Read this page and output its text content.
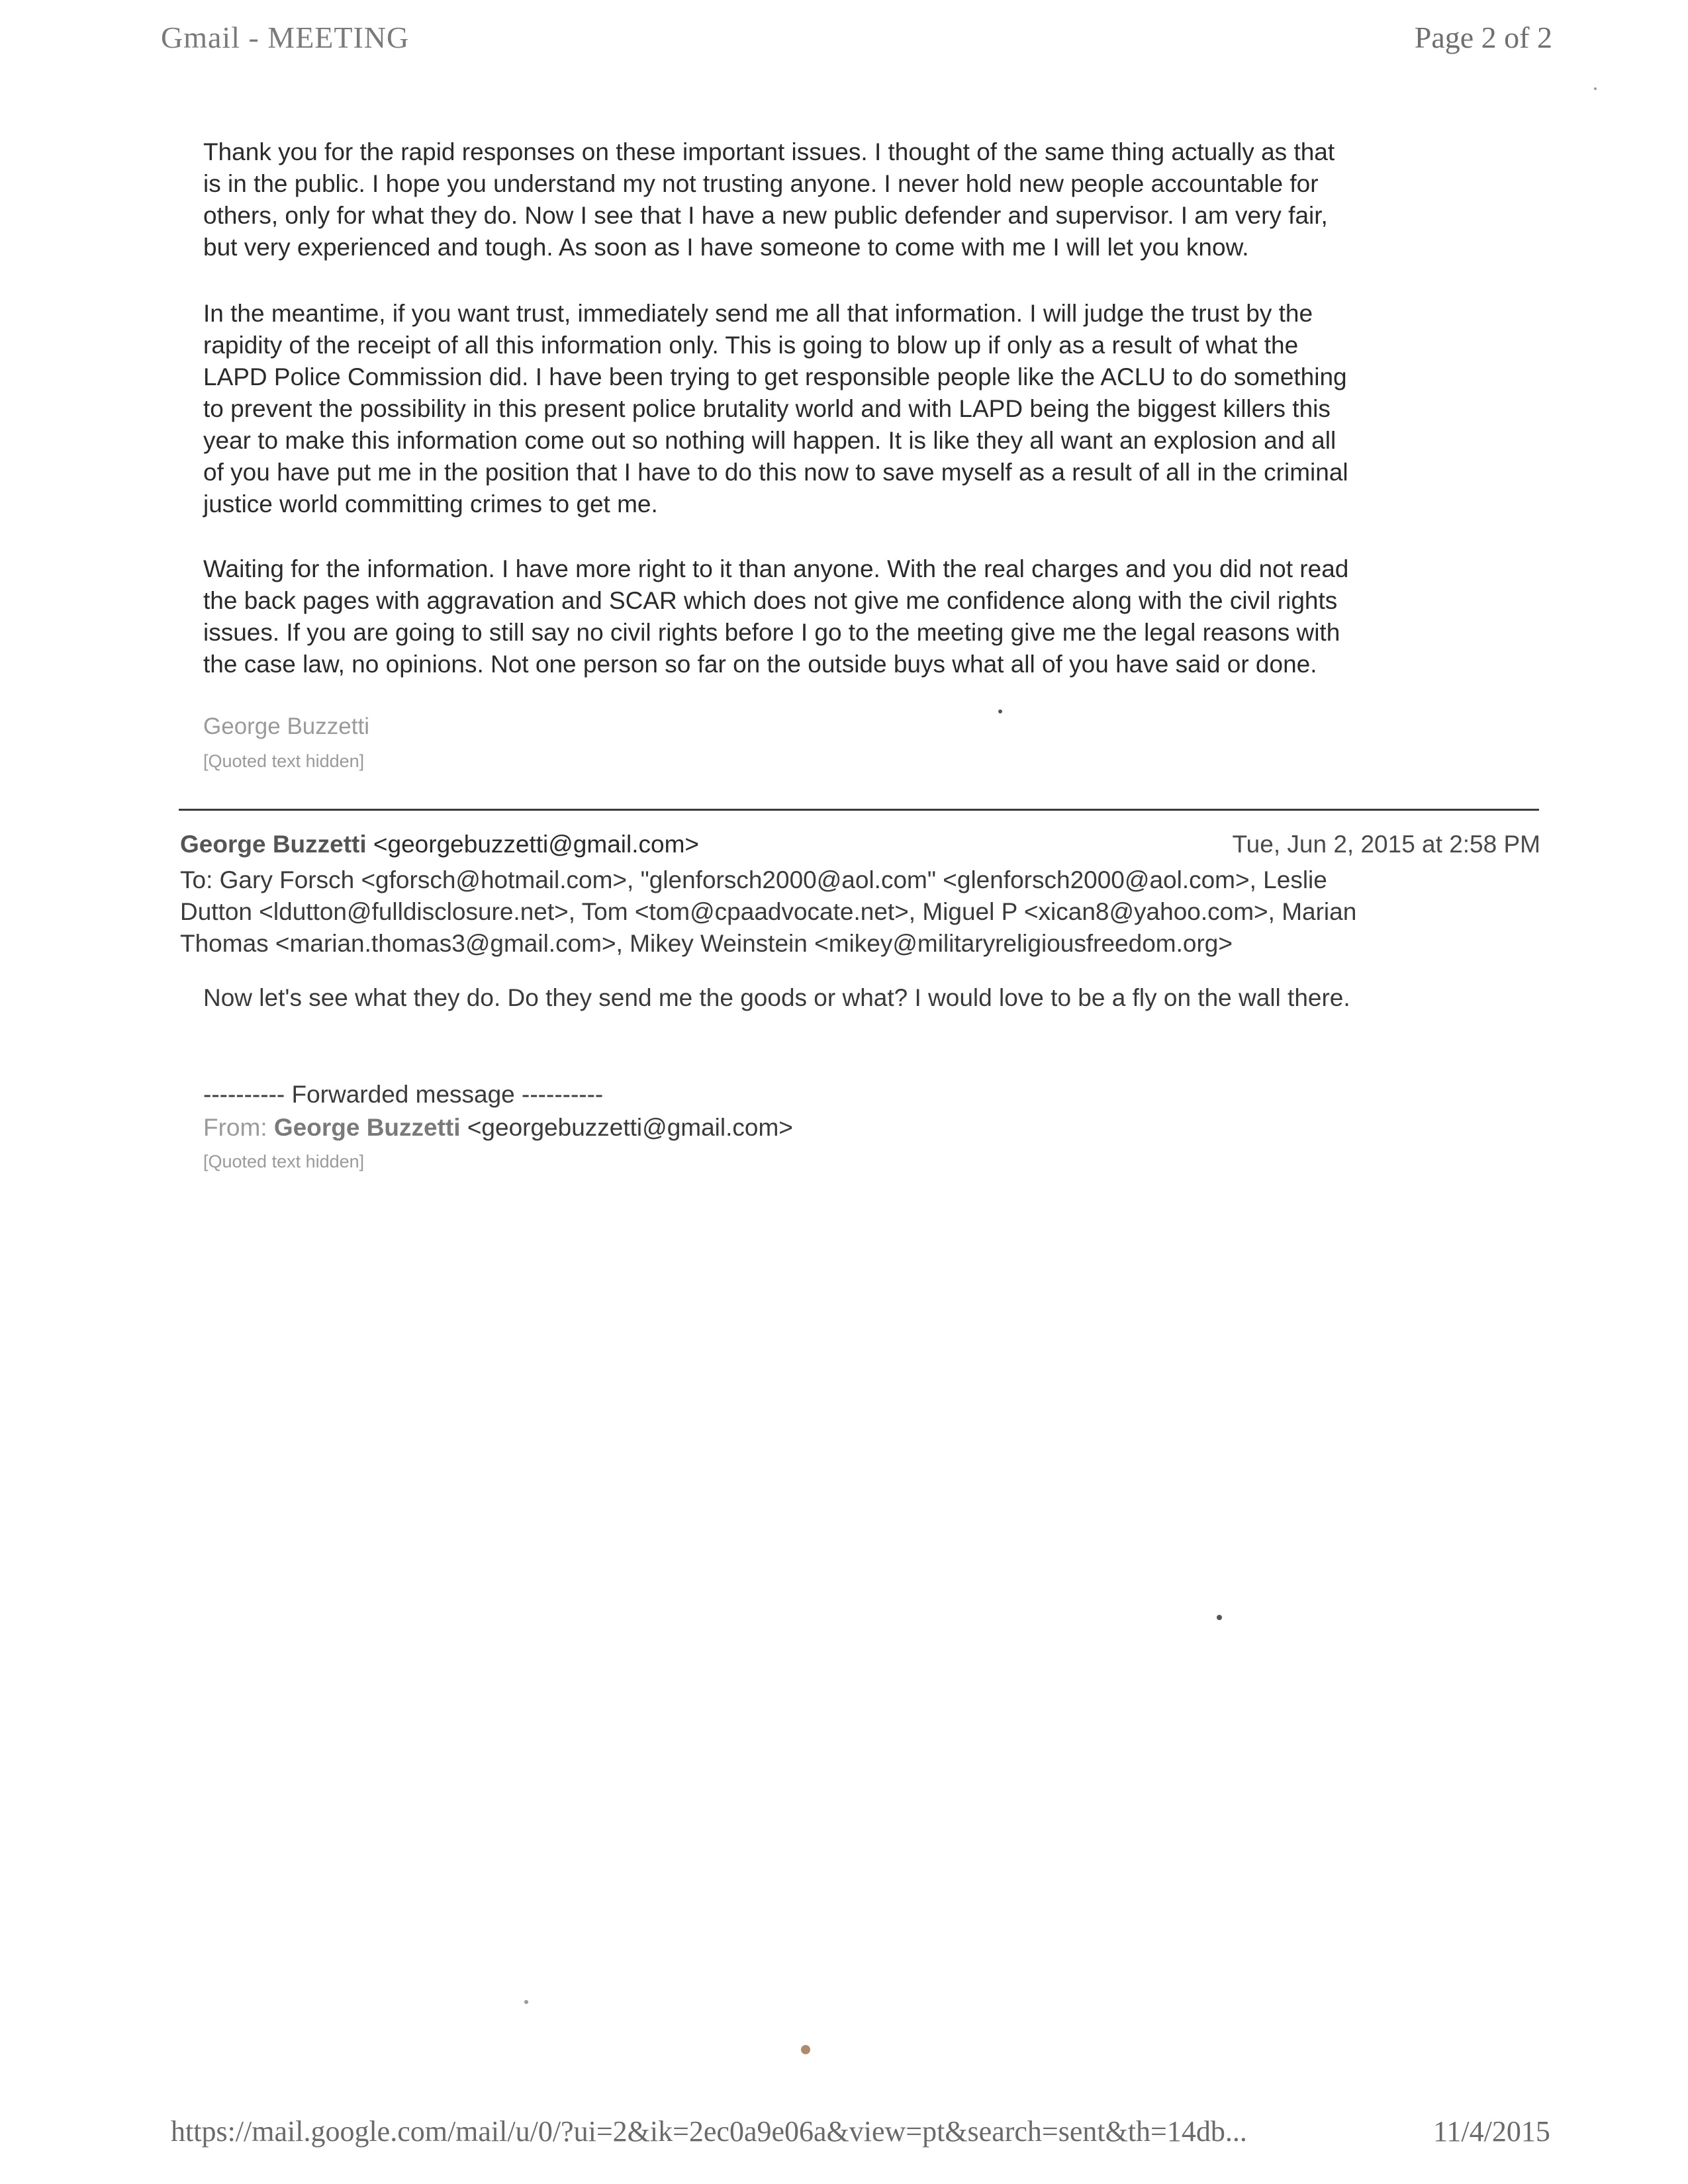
Gmail - MEETING	Page 2 of 2
Thank you for the rapid responses on these important issues. I thought of the same thing actually as that
is in the public. I hope you understand my not trusting anyone. I never hold new people accountable for
others, only for what they do. Now I see that I have a new public defender and supervisor. I am very fair,
but very experienced and tough. As soon as I have someone to come with me I will let you know.
In the meantime, if you want trust, immediately send me all that information. I will judge the trust by the
rapidity of the receipt of all this information only. This is going to blow up if only as a result of what the
LAPD Police Commission did. I have been trying to get responsible people like the ACLU to do something
to prevent the possibility in this present police brutality world and with LAPD being the biggest killers this
year to make this information come out so nothing will happen. It is like they all want an explosion and all
of you have put me in the position that I have to do this now to save myself as a result of all in the criminal
justice world committing crimes to get me.
Waiting for the information. I have more right to it than anyone. With the real charges and you did not read
the back pages with aggravation and SCAR which does not give me confidence along with the civil rights
issues. If you are going to still say no civil rights before I go to the meeting give me the legal reasons with
the case law, no opinions. Not one person so far on the outside buys what all of you have said or done.
George Buzzetti
[Quoted text hidden]
George Buzzetti <georgebuzzetti@gmail.com>	Tue, Jun 2, 2015 at 2:58 PM
To: Gary Forsch <gforsch@hotmail.com>, "glenforsch2000@aol.com" <glenforsch2000@aol.com>, Leslie
Dutton <ldutton@fulldisclosure.net>, Tom <tom@cpaadvocate.net>, Miguel P <xican8@yahoo.com>, Marian
Thomas <marian.thomas3@gmail.com>, Mikey Weinstein <mikey@militaryreligiousfreedom.org>
Now let's see what they do. Do they send me the goods or what? I would love to be a fly on the wall there.
---------- Forwarded message ----------
From: George Buzzetti <georgebuzzetti@gmail.com>
[Quoted text hidden]
https://mail.google.com/mail/u/0/?ui=2&ik=2ec0a9e06a&view=pt&search=sent&th=14db...	11/4/2015
